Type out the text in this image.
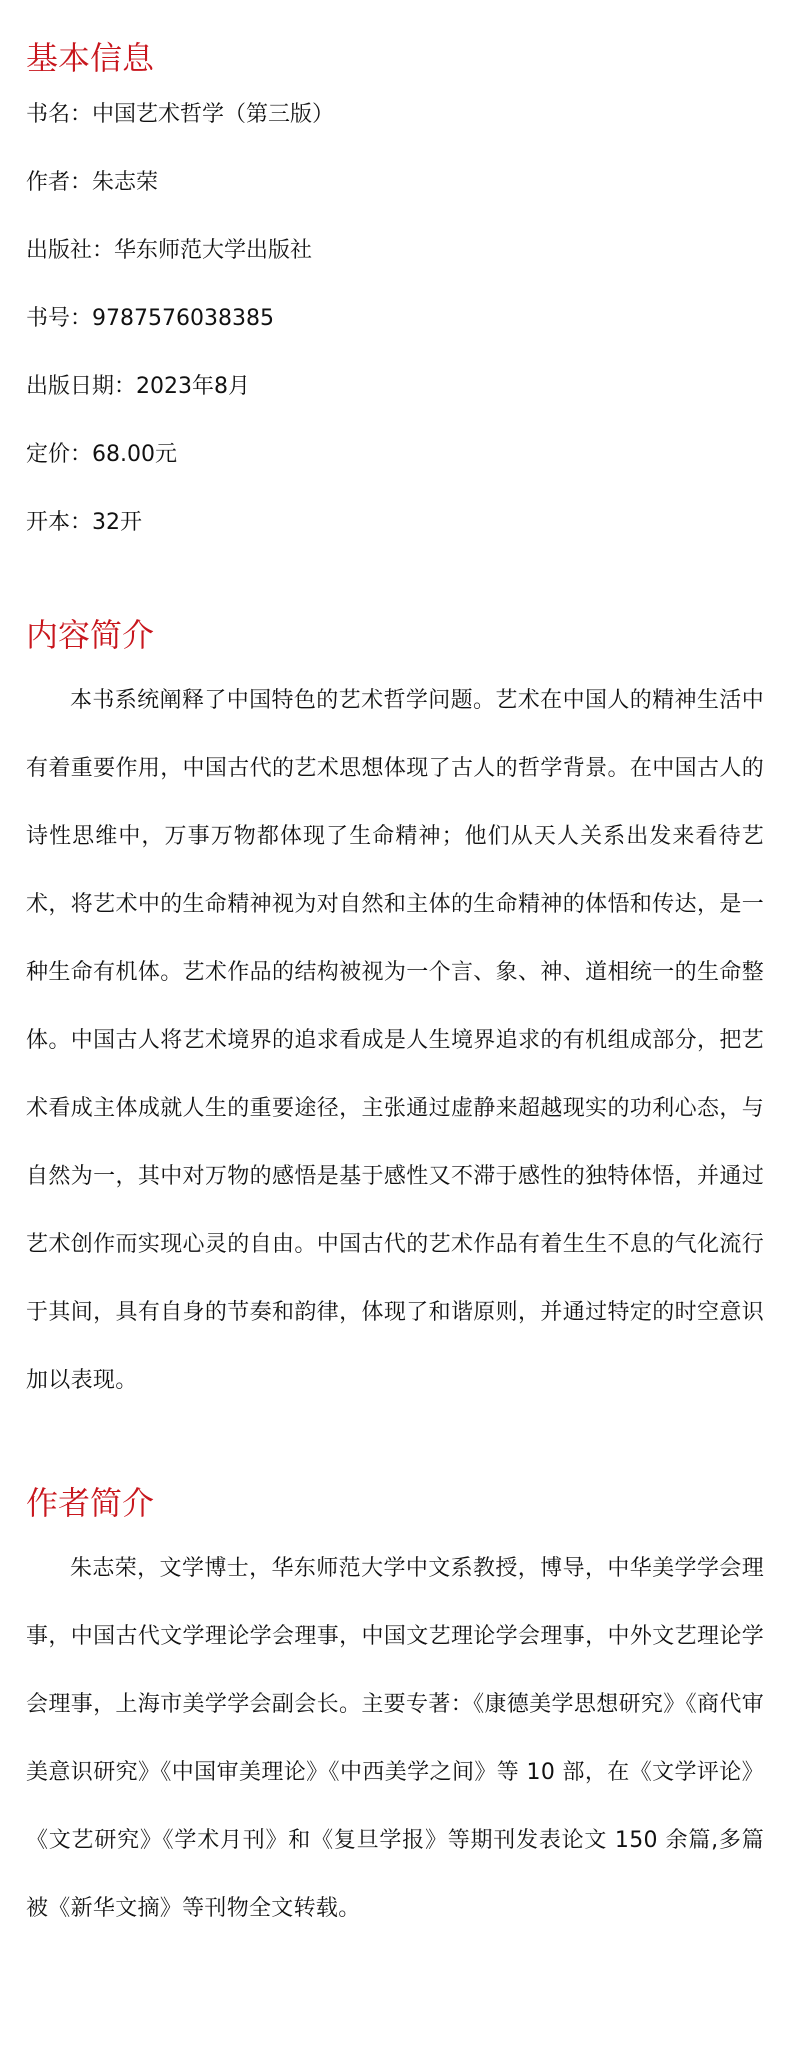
基本信息
书名：中国艺术哲学（第三版）
作者：朱志荣
出版社：华东师范大学出版社
书号：9787576038385
出版日期：2023年8月
定价：68.00元
开本：32开
内容简介

本书系统阐释了中国特色的艺术哲学问题。艺术在中国人的精神生活中有着重要作用，中国古代的艺术思想体现了古人的哲学背景。在中国古人的诗性思维中，万事万物都体现了生命精神；他们从天人关系出发来看待艺术，将艺术中的生命精神视为对自然和主体的生命精神的体悟和传达，是一种生命有机体。艺术作品的结构被视为一个言、象、神、道相统一的生命整体。中国古人将艺术境界的追求看成是人生境界追求的有机组成部分，把艺术看成主体成就人生的重要途径，主张通过虚静来超越现实的功利心态，与自然为一，其中对万物的感悟是基于感性又不滞于感性的独特体悟，并通过艺术创作而实现心灵的自由。中国古代的艺术作品有着生生不息的气化流行于其间，具有自身的节奏和韵律，体现了和谐原则，并通过特定的时空意识加以表现。

作者简介

朱志荣，文学博士，华东师范大学中文系教授，博导，中华美学学会理事，中国古代文学理论学会理事，中国文艺理论学会理事，中外文艺理论学会理事，上海市美学学会副会长。主要专著：《康德美学思想研究》《商代审美意识研究》《中国审美理论》《中西美学之间》等 10 部，在《文学评论》《文艺研究》《学术月刊》和《复旦学报》等期刊发表论文 150 余篇,多篇被《新华文摘》等刊物全文转载。
